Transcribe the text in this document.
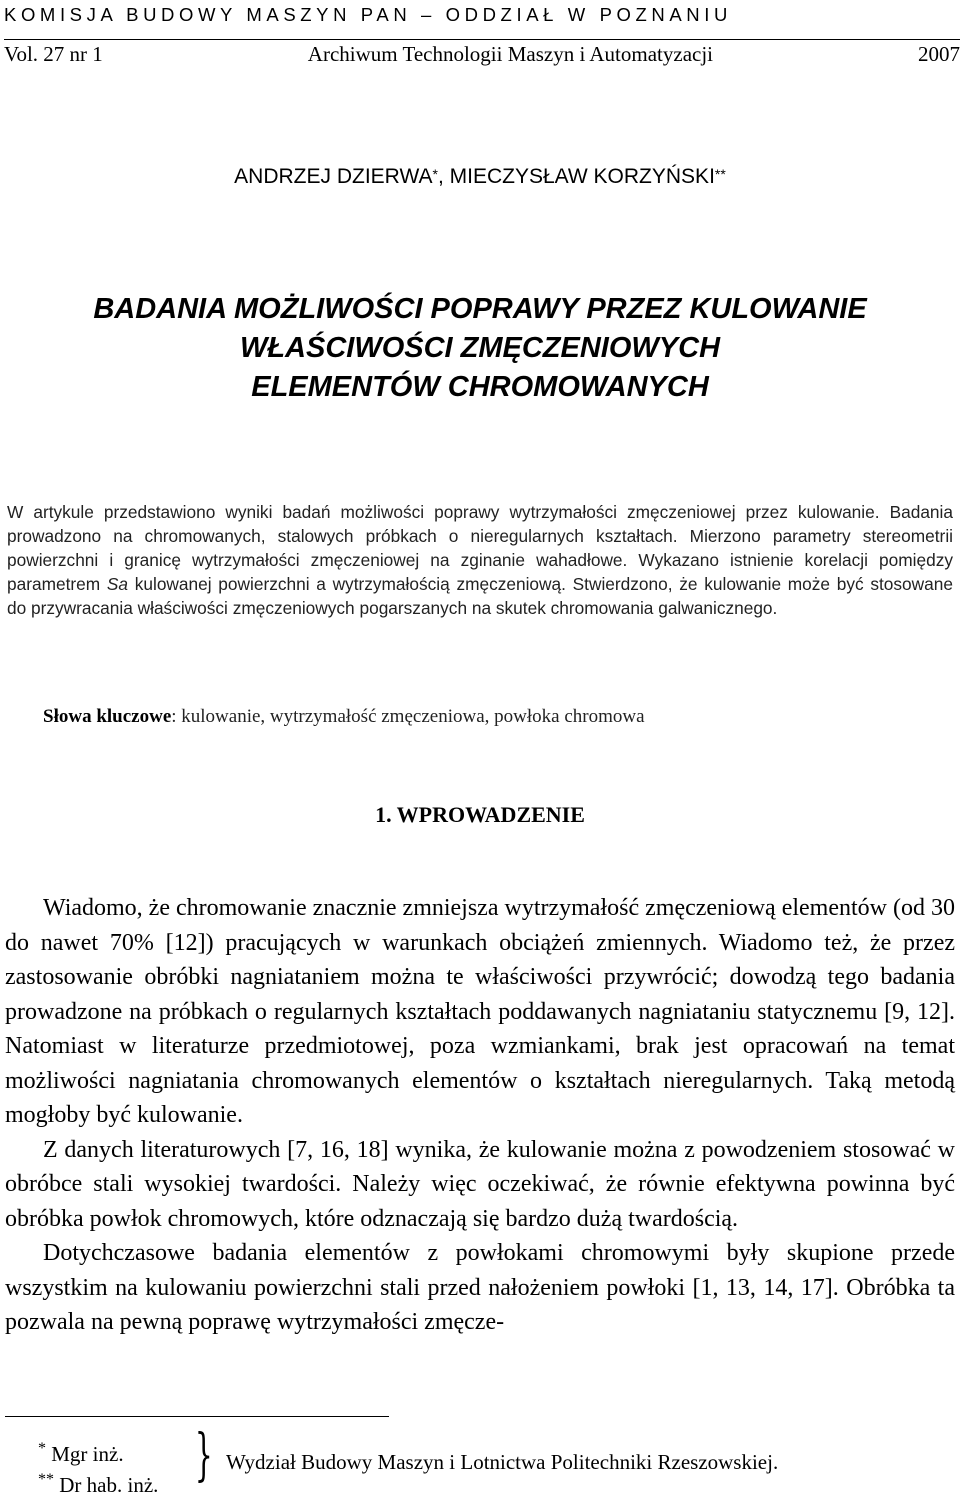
KOMISJA BUDOWY MASZYN PAN – ODDZIAŁ W POZNANIU
Vol. 27 nr 1	Archiwum Technologii Maszyn i Automatyzacji	2007
ANDRZEJ DZIERWA*, MIECZYSŁAW KORZYŃSKI**
BADANIA MOŻLIWOŚCI POPRAWY PRZEZ KULOWANIE
WŁAŚCIWOŚCI ZMĘCZENIOWYCH
ELEMENTÓW CHROMOWANYCH

W artykule przedstawiono wyniki badań możliwości poprawy wytrzymałości zmęczeniowej przez kulowanie. Badania prowadzono na chromowanych, stalowych próbkach o nieregularnych kształtach. Mierzono parametry stereometrii powierzchni i granicę wytrzymałości zmęczeniowej na zginanie wahadłowe. Wykazano istnienie korelacji pomiędzy parametrem Sa kulowanej powierzchni a wytrzymałością zmęczeniową. Stwierdzono, że kulowanie może być stosowane do przywracania właściwości zmęczeniowych pogarszanych na skutek chromowania galwanicznego.

Słowa kluczowe: kulowanie, wytrzymałość zmęczeniowa, powłoka chromowa
1. WPROWADZENIE

Wiadomo, że chromowanie znacznie zmniejsza wytrzymałość zmęczeniową elementów (od 30 do nawet 70% [12]) pracujących w warunkach obciążeń zmiennych. Wiadomo też, że przez zastosowanie obróbki nagniataniem można te właściwości przywrócić; dowodzą tego badania prowadzone na próbkach o regularnych kształtach poddawanych nagniataniu statycznemu [9, 12]. Natomiast w literaturze przedmiotowej, poza wzmiankami, brak jest opracowań na temat możliwości nagniatania chromowanych elementów o kształtach nieregularnych. Taką metodą mogłoby być kulowanie.

Z danych literaturowych [7, 16, 18] wynika, że kulowanie można z powodzeniem stosować w obróbce stali wysokiej twardości. Należy więc oczekiwać, że równie efektywna powinna być obróbka powłok chromowych, które odznaczają się bardzo dużą twardością.

Dotychczasowe badania elementów z powłokami chromowymi były skupione przede wszystkim na kulowaniu powierzchni stali przed nałożeniem powłoki [1, 13, 14, 17]. Obróbka ta pozwala na pewną poprawę wytrzymałości zmęcze-

* Mgr inż.
** Dr hab. inż. } Wydział Budowy Maszyn i Lotnictwa Politechniki Rzeszowskiej.
